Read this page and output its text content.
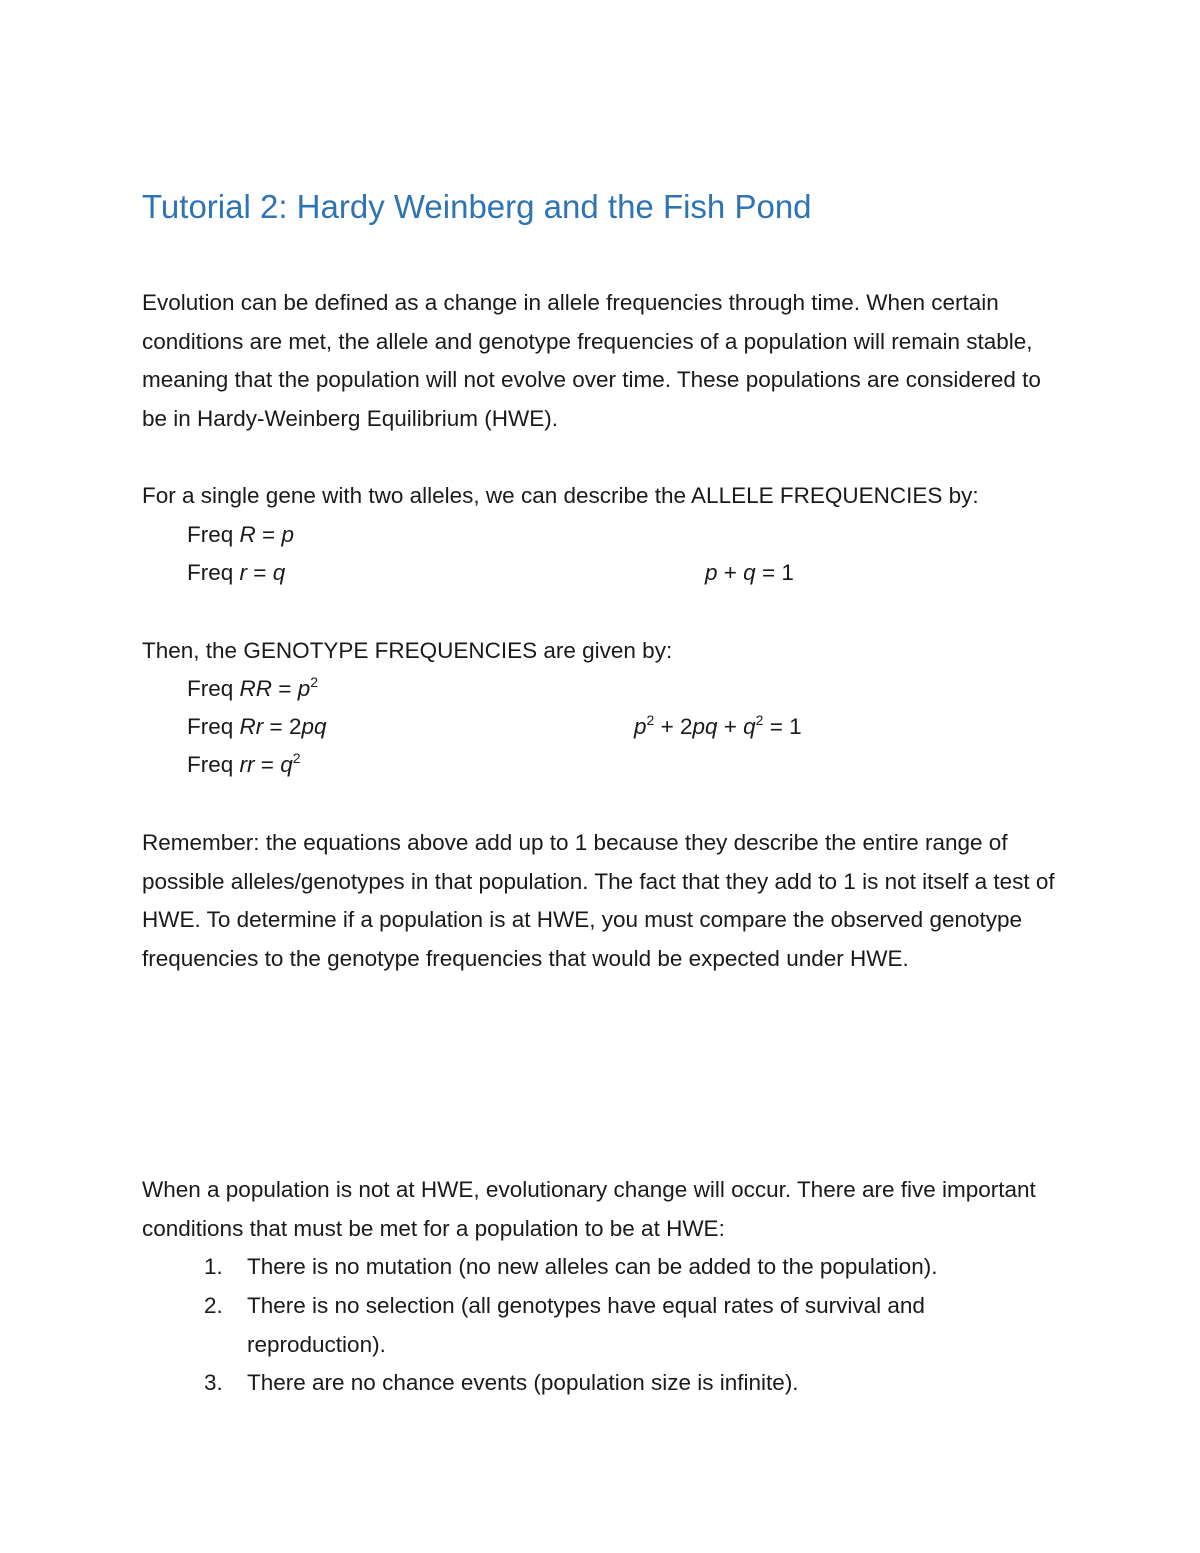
Tutorial 2: Hardy Weinberg and the Fish Pond
Evolution can be defined as a change in allele frequencies through time. When certain conditions are met, the allele and genotype frequencies of a population will remain stable, meaning that the population will not evolve over time. These populations are considered to be in Hardy-Weinberg Equilibrium (HWE).
For a single gene with two alleles, we can describe the ALLELE FREQUENCIES by:
Freq R = p
Freq r = q	p + q = 1
Then, the GENOTYPE FREQUENCIES are given by:
Freq RR = $p^2$
Freq Rr = 2pq	$p^2 + 2pq + q^2 = 1$
Freq rr = $q^2$
Remember: the equations above add up to 1 because they describe the entire range of possible alleles/genotypes in that population. The fact that they add to 1 is not itself a test of HWE. To determine if a population is at HWE, you must compare the observed genotype frequencies to the genotype frequencies that would be expected under HWE.
When a population is not at HWE, evolutionary change will occur. There are five important conditions that must be met for a population to be at HWE:
1.	There is no mutation (no new alleles can be added to the population).
2.	There is no selection (all genotypes have equal rates of survival and reproduction).
3.	There are no chance events (population size is infinite).
